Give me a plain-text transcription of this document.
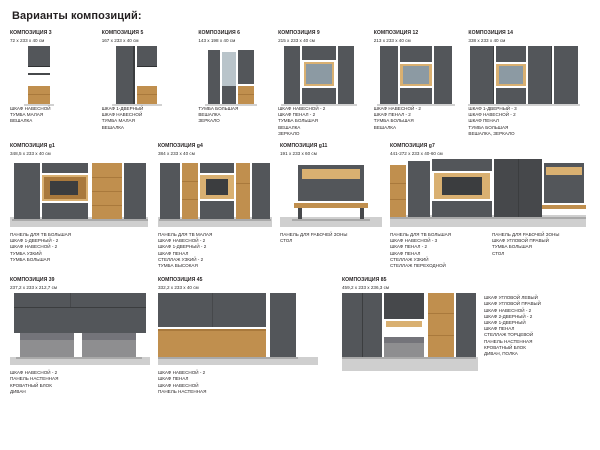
Варианты композиций:
КОМПОЗИЦИЯ 3
72 х 233 х 40 см
ШКАФ НАВЕСНОЙ
ТУМБА МАЛАЯ
ВЕШАЛКА
КОМПОЗИЦИЯ 5
167 х 233 х 40 см
ШКАФ 1-ДВЕРНЫЙ
ШКАФ НАВЕСНОЙ
ТУМБА МАЛАЯ
ВЕШАЛКА
КОМПОЗИЦИЯ 6
143 х 198 х 40 см
ТУМБА БОЛЬШАЯ
ВЕШАЛКА
ЗЕРКАЛО
КОМПОЗИЦИЯ 9
215 х 233 х 40 см
ШКАФ НАВЕСНОЙ - 2
ШКАФ ПЕНАЛ - 2
ТУМБА БОЛЬШАЯ
ВЕШАЛКА
ЗЕРКАЛО
КОМПОЗИЦИЯ 12
213 х 233 х 40 см
ШКАФ НАВЕСНОЙ - 2
ШКАФ ПЕНАЛ - 2
ТУМБА БОЛЬШАЯ
ВЕШАЛКА
КОМПОЗИЦИЯ 14
338 х 233 х 40 см
ШКАФ 1-ДВЕРНЫЙ - 3
ШКАФ НАВЕСНОЙ - 2
ШКАФ ПЕНАЛ
ТУМБА БОЛЬШАЯ
ВЕШАЛКА, ЗЕРКАЛО
КОМПОЗИЦИЯ g1
348,5 х 233 х 40 см
ПАНЕЛЬ ДЛЯ ТВ БОЛЬШАЯ
ШКАФ 1-ДВЕРНЫЙ - 2
ШКАФ НАВЕСНОЙ - 2
ТУМБА УЗКИЙ
ТУМБА БОЛЬШАЯ
КОМПОЗИЦИЯ g4
384 х 233 х 40 см
ПАНЕЛЬ ДЛЯ ТВ МАЛАЯ
ШКАФ НАВЕСНОЙ - 2
ШКАФ 1-ДВЕРНЫЙ - 2
ШКАФ ПЕНАЛ
СТЕЛЛАЖ УЗКИЙ - 2
ТУМБА ВЫСОКАЯ
КОМПОЗИЦИЯ g11
191 х 233 х 60 см
ПАНЕЛЬ ДЛЯ РАБОЧЕЙ ЗОНЫ
СТОЛ
КОМПОЗИЦИЯ g7
441-272 х 233 х 40-60 см
ПАНЕЛЬ ДЛЯ ТВ БОЛЬШАЯ
ШКАФ НАВЕСНОЙ - 3
ШКАФ ПЕНАЛ - 2
ШКАФ ПЕНАЛ
СТЕЛЛАЖ УЗКИЙ
СТЕЛЛАЖ ПЕРЕХОДНОЙ
ПАНЕЛЬ ДЛЯ РАБОЧЕЙ ЗОНЫ
ШКАФ УГЛОВОЙ ПРАВЫЙ
ТУМБА БОЛЬШАЯ
СТОЛ
КОМПОЗИЦИЯ 39
237,2 х 233 х 212,7 см
ШКАФ НАВЕСНОЙ - 2
ПАНЕЛЬ НАСТЕННАЯ
КРОВАТНЫЙ БЛОК
ДИВАН
КОМПОЗИЦИЯ 45
332,2 х 233 х 40 см
ШКАФ НАВЕСНОЙ - 2
ШКАФ ПЕНАЛ
ШКАФ НАВЕСНОЙ
ПАНЕЛЬ НАСТЕННАЯ
КОМПОЗИЦИЯ 85
459,2 х 233 х 236,3 см
ШКАФ УГЛОВОЙ ЛЕВЫЙ
ШКАФ УГЛОВОЙ ПРАВЫЙ
ШКАФ НАВЕСНОЙ - 2
ШКАФ 2-ДВЕРНЫЙ - 2
ШКАФ 1-ДВЕРНЫЙ
ШКАФ ПЕНАЛ
СТЕЛЛАЖ ТОРЦЕВОЙ
ПАНЕЛЬ НАСТЕННАЯ
КРОВАТНЫЙ БЛОК
ДИВАН, ПОЛКА
